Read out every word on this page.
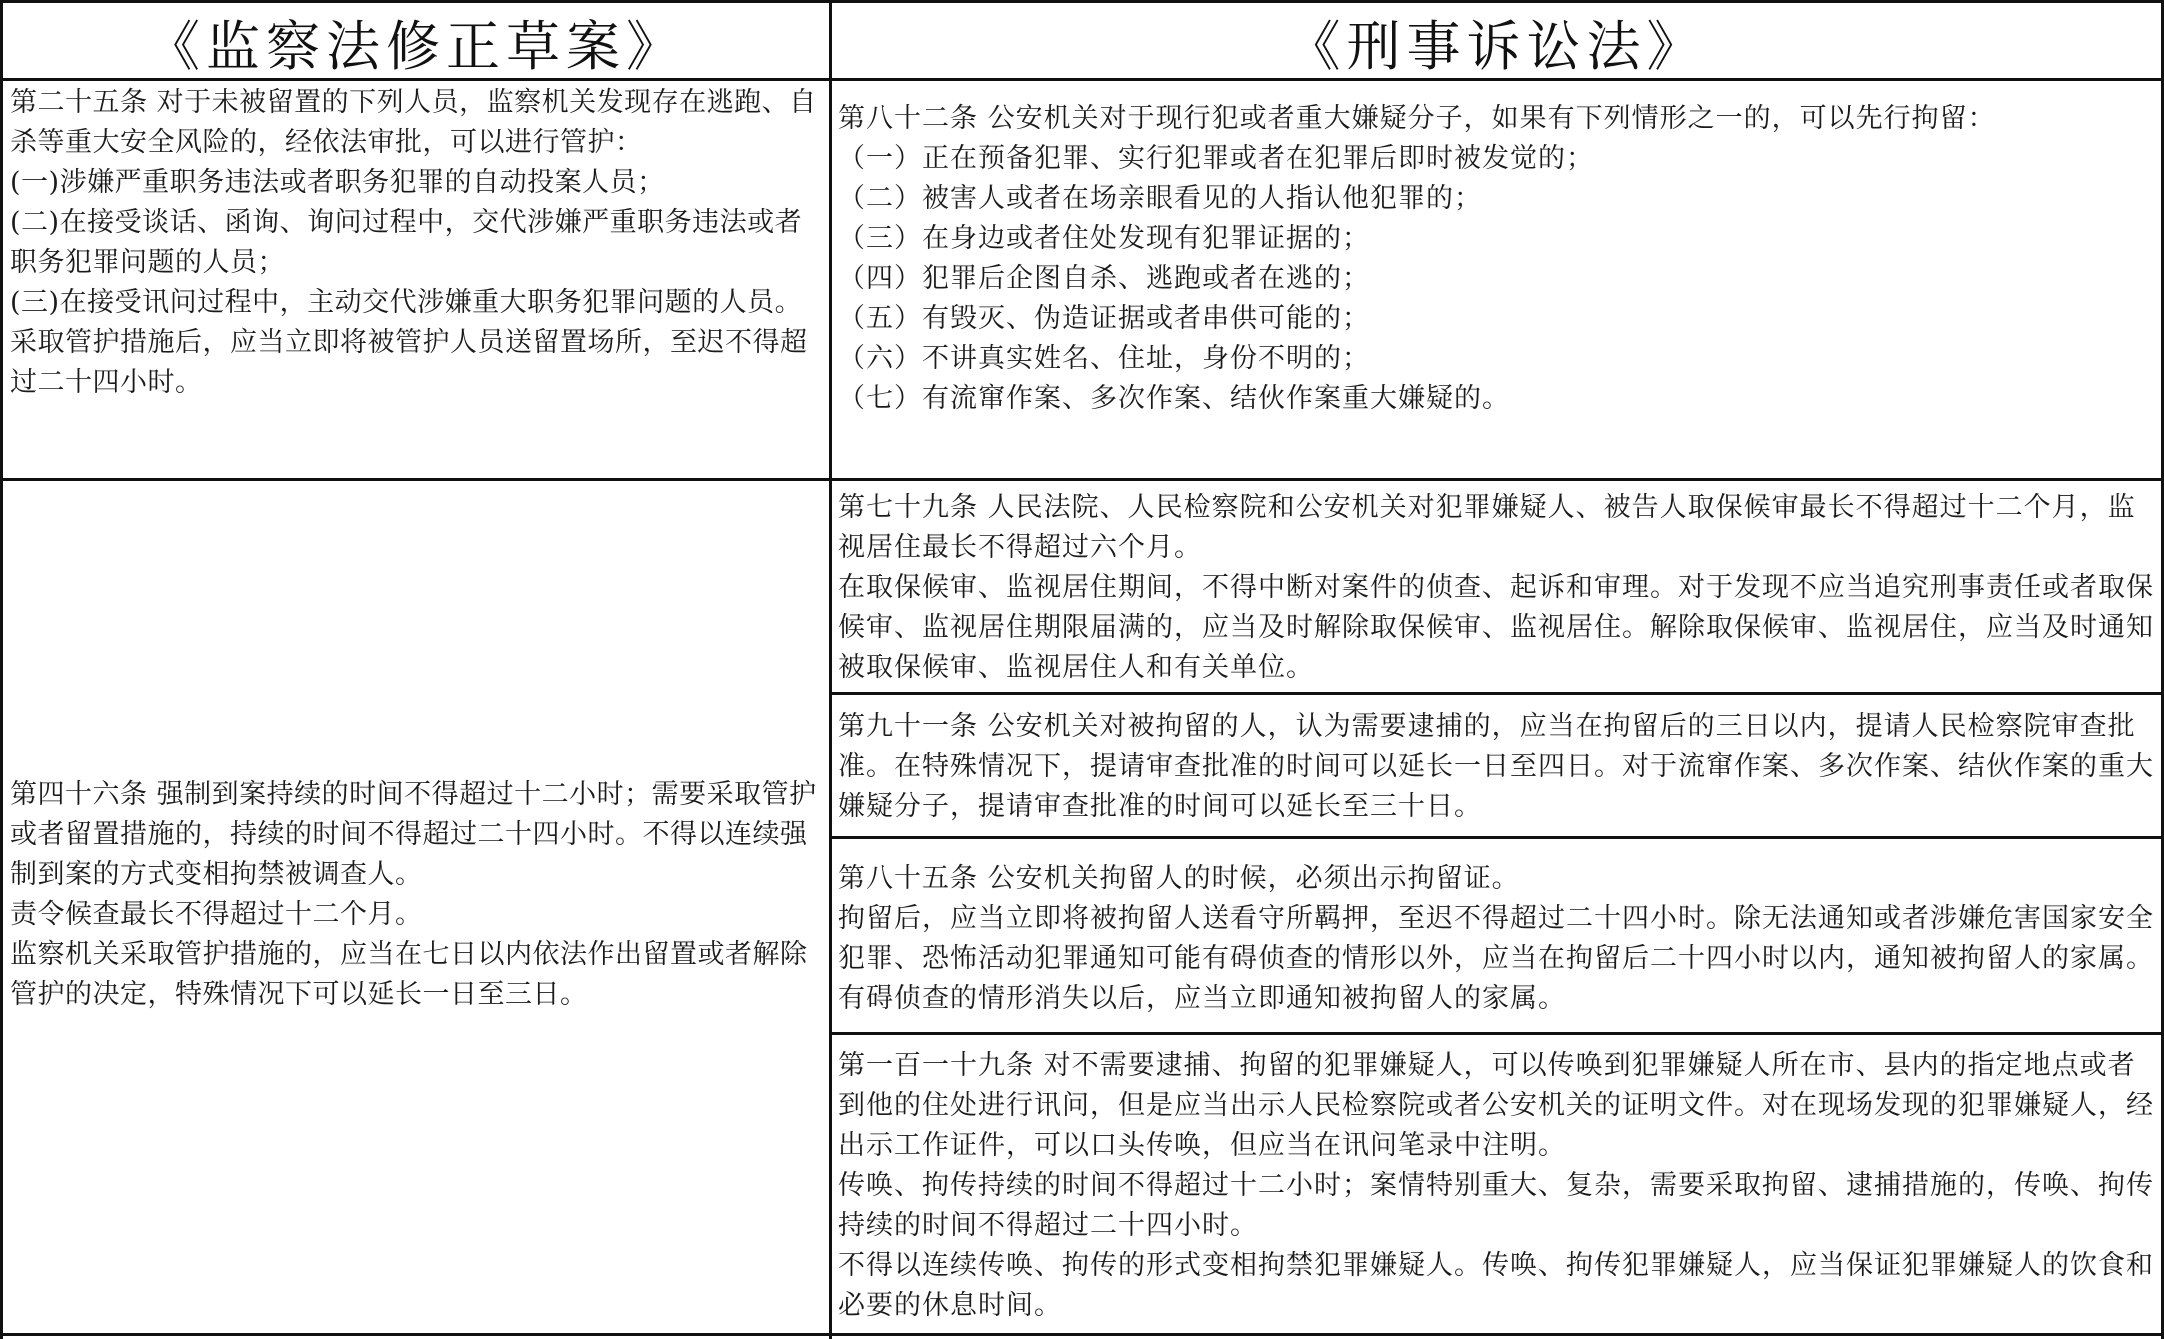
《监察法修正草案》	《刑事诉讼法》

第二十五条 对于未被留置的下列人员，监察机关发现存在逃跑、自杀等重大安全风险的，经依法审批，可以进行管护：

(一)涉嫌严重职务违法或者职务犯罪的自动投案人员；

(二)在接受谈话、函询、询问过程中，交代涉嫌严重职务违法或者职务犯罪问题的人员；

(三)在接受讯问过程中，主动交代涉嫌重大职务犯罪问题的人员。

采取管护措施后，应当立即将被管护人员送留置场所，至迟不得超过二十四小时。

第四十六条 强制到案持续的时间不得超过十二小时；需要采取管护或者留置措施的，持续的时间不得超过二十四小时。不得以连续强制到案的方式变相拘禁被调查人。

责令候查最长不得超过十二个月。

监察机关采取管护措施的，应当在七日以内依法作出留置或者解除管护的决定，特殊情况下可以延长一日至三日。

第八十二条 公安机关对于现行犯或者重大嫌疑分子，如果有下列情形之一的，可以先行拘留：

（一）正在预备犯罪、实行犯罪或者在犯罪后即时被发觉的；

（二）被害人或者在场亲眼看见的人指认他犯罪的；

（三）在身边或者住处发现有犯罪证据的；

（四）犯罪后企图自杀、逃跑或者在逃的；

（五）有毁灭、伪造证据或者串供可能的；

（六）不讲真实姓名、住址，身份不明的；

（七）有流窜作案、多次作案、结伙作案重大嫌疑的。

第七十九条 人民法院、人民检察院和公安机关对犯罪嫌疑人、被告人取保候审最长不得超过十二个月，监视居住最长不得超过六个月。

在取保候审、监视居住期间，不得中断对案件的侦查、起诉和审理。对于发现不应当追究刑事责任或者取保候审、监视居住期限届满的，应当及时解除取保候审、监视居住。解除取保候审、监视居住，应当及时通知被取保候审、监视居住人和有关单位。

第九十一条 公安机关对被拘留的人，认为需要逮捕的，应当在拘留后的三日以内，提请人民检察院审查批准。在特殊情况下，提请审查批准的时间可以延长一日至四日。对于流窜作案、多次作案、结伙作案的重大嫌疑分子，提请审查批准的时间可以延长至三十日。

第八十五条 公安机关拘留人的时候，必须出示拘留证。

拘留后，应当立即将被拘留人送看守所羁押，至迟不得超过二十四小时。除无法通知或者涉嫌危害国家安全犯罪、恐怖活动犯罪通知可能有碍侦查的情形以外，应当在拘留后二十四小时以内，通知被拘留人的家属。有碍侦查的情形消失以后，应当立即通知被拘留人的家属。

第一百一十九条 对不需要逮捕、拘留的犯罪嫌疑人，可以传唤到犯罪嫌疑人所在市、县内的指定地点或者到他的住处进行讯问，但是应当出示人民检察院或者公安机关的证明文件。对在现场发现的犯罪嫌疑人，经出示工作证件，可以口头传唤，但应当在讯问笔录中注明。

传唤、拘传持续的时间不得超过十二小时；案情特别重大、复杂，需要采取拘留、逮捕措施的，传唤、拘传持续的时间不得超过二十四小时。

不得以连续传唤、拘传的形式变相拘禁犯罪嫌疑人。传唤、拘传犯罪嫌疑人，应当保证犯罪嫌疑人的饮食和必要的休息时间。
